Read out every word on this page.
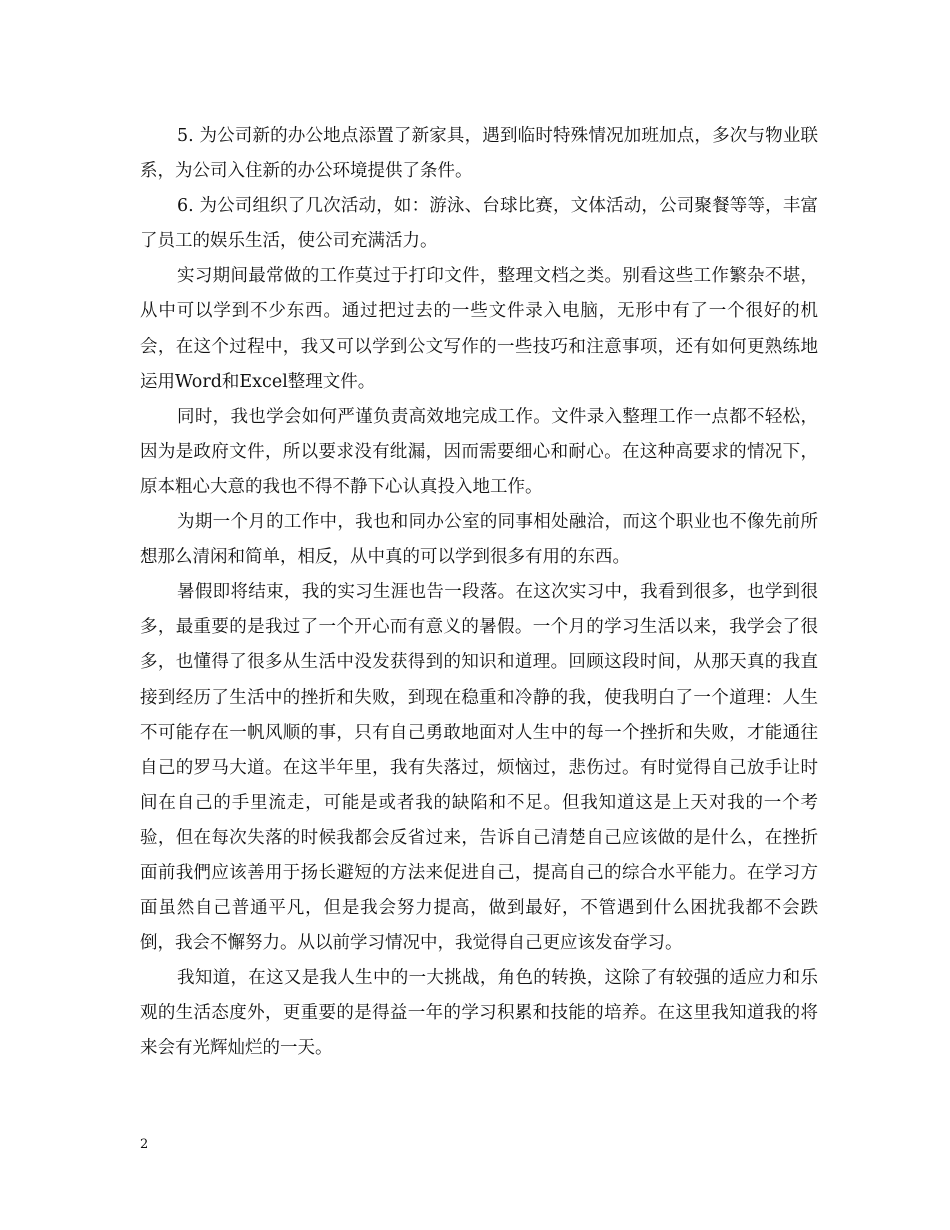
5. 为公司新的办公地点添置了新家具，遇到临时特殊情况加班加点，多次与物业联系，为公司入住新的办公环境提供了条件。

6. 为公司组织了几次活动，如：游泳、台球比赛，文体活动，公司聚餐等等，丰富了员工的娱乐生活，使公司充满活力。

实习期间最常做的工作莫过于打印文件，整理文档之类。别看这些工作繁杂不堪，从中可以学到不少东西。通过把过去的一些文件录入电脑，无形中有了一个很好的机会，在这个过程中，我又可以学到公文写作的一些技巧和注意事项，还有如何更熟练地运用Word和Excel整理文件。

同时，我也学会如何严谨负责高效地完成工作。文件录入整理工作一点都不轻松，因为是政府文件，所以要求没有纰漏，因而需要细心和耐心。在这种高要求的情况下，原本粗心大意的我也不得不静下心认真投入地工作。

为期一个月的工作中，我也和同办公室的同事相处融洽，而这个职业也不像先前所想那么清闲和简单，相反，从中真的可以学到很多有用的东西。

暑假即将结束，我的实习生涯也告一段落。在这次实习中，我看到很多，也学到很多，最重要的是我过了一个开心而有意义的暑假。一个月的学习生活以来，我学会了很多，也懂得了很多从生活中没发获得到的知识和道理。回顾这段时间，从那天真的我直接到经历了生活中的挫折和失败，到现在稳重和冷静的我，使我明白了一个道理：人生不可能存在一帆风顺的事，只有自己勇敢地面对人生中的每一个挫折和失败，才能通往自己的罗马大道。在这半年里，我有失落过，烦恼过，悲伤过。有时觉得自己放手让时间在自己的手里流走，可能是或者我的缺陷和不足。但我知道这是上天对我的一个考验，但在每次失落的时候我都会反省过来，告诉自己清楚自己应该做的是什么，在挫折面前我們应该善用于扬长避短的方法来促进自己，提高自己的综合水平能力。在学习方面虽然自己普通平凡，但是我会努力提高，做到最好，不管遇到什么困扰我都不会跌倒，我会不懈努力。从以前学习情况中，我觉得自己更应该发奋学习。

我知道，在这又是我人生中的一大挑战，角色的转换，这除了有较强的适应力和乐观的生活态度外，更重要的是得益一年的学习积累和技能的培养。在这里我知道我的将来会有光辉灿烂的一天。

2
